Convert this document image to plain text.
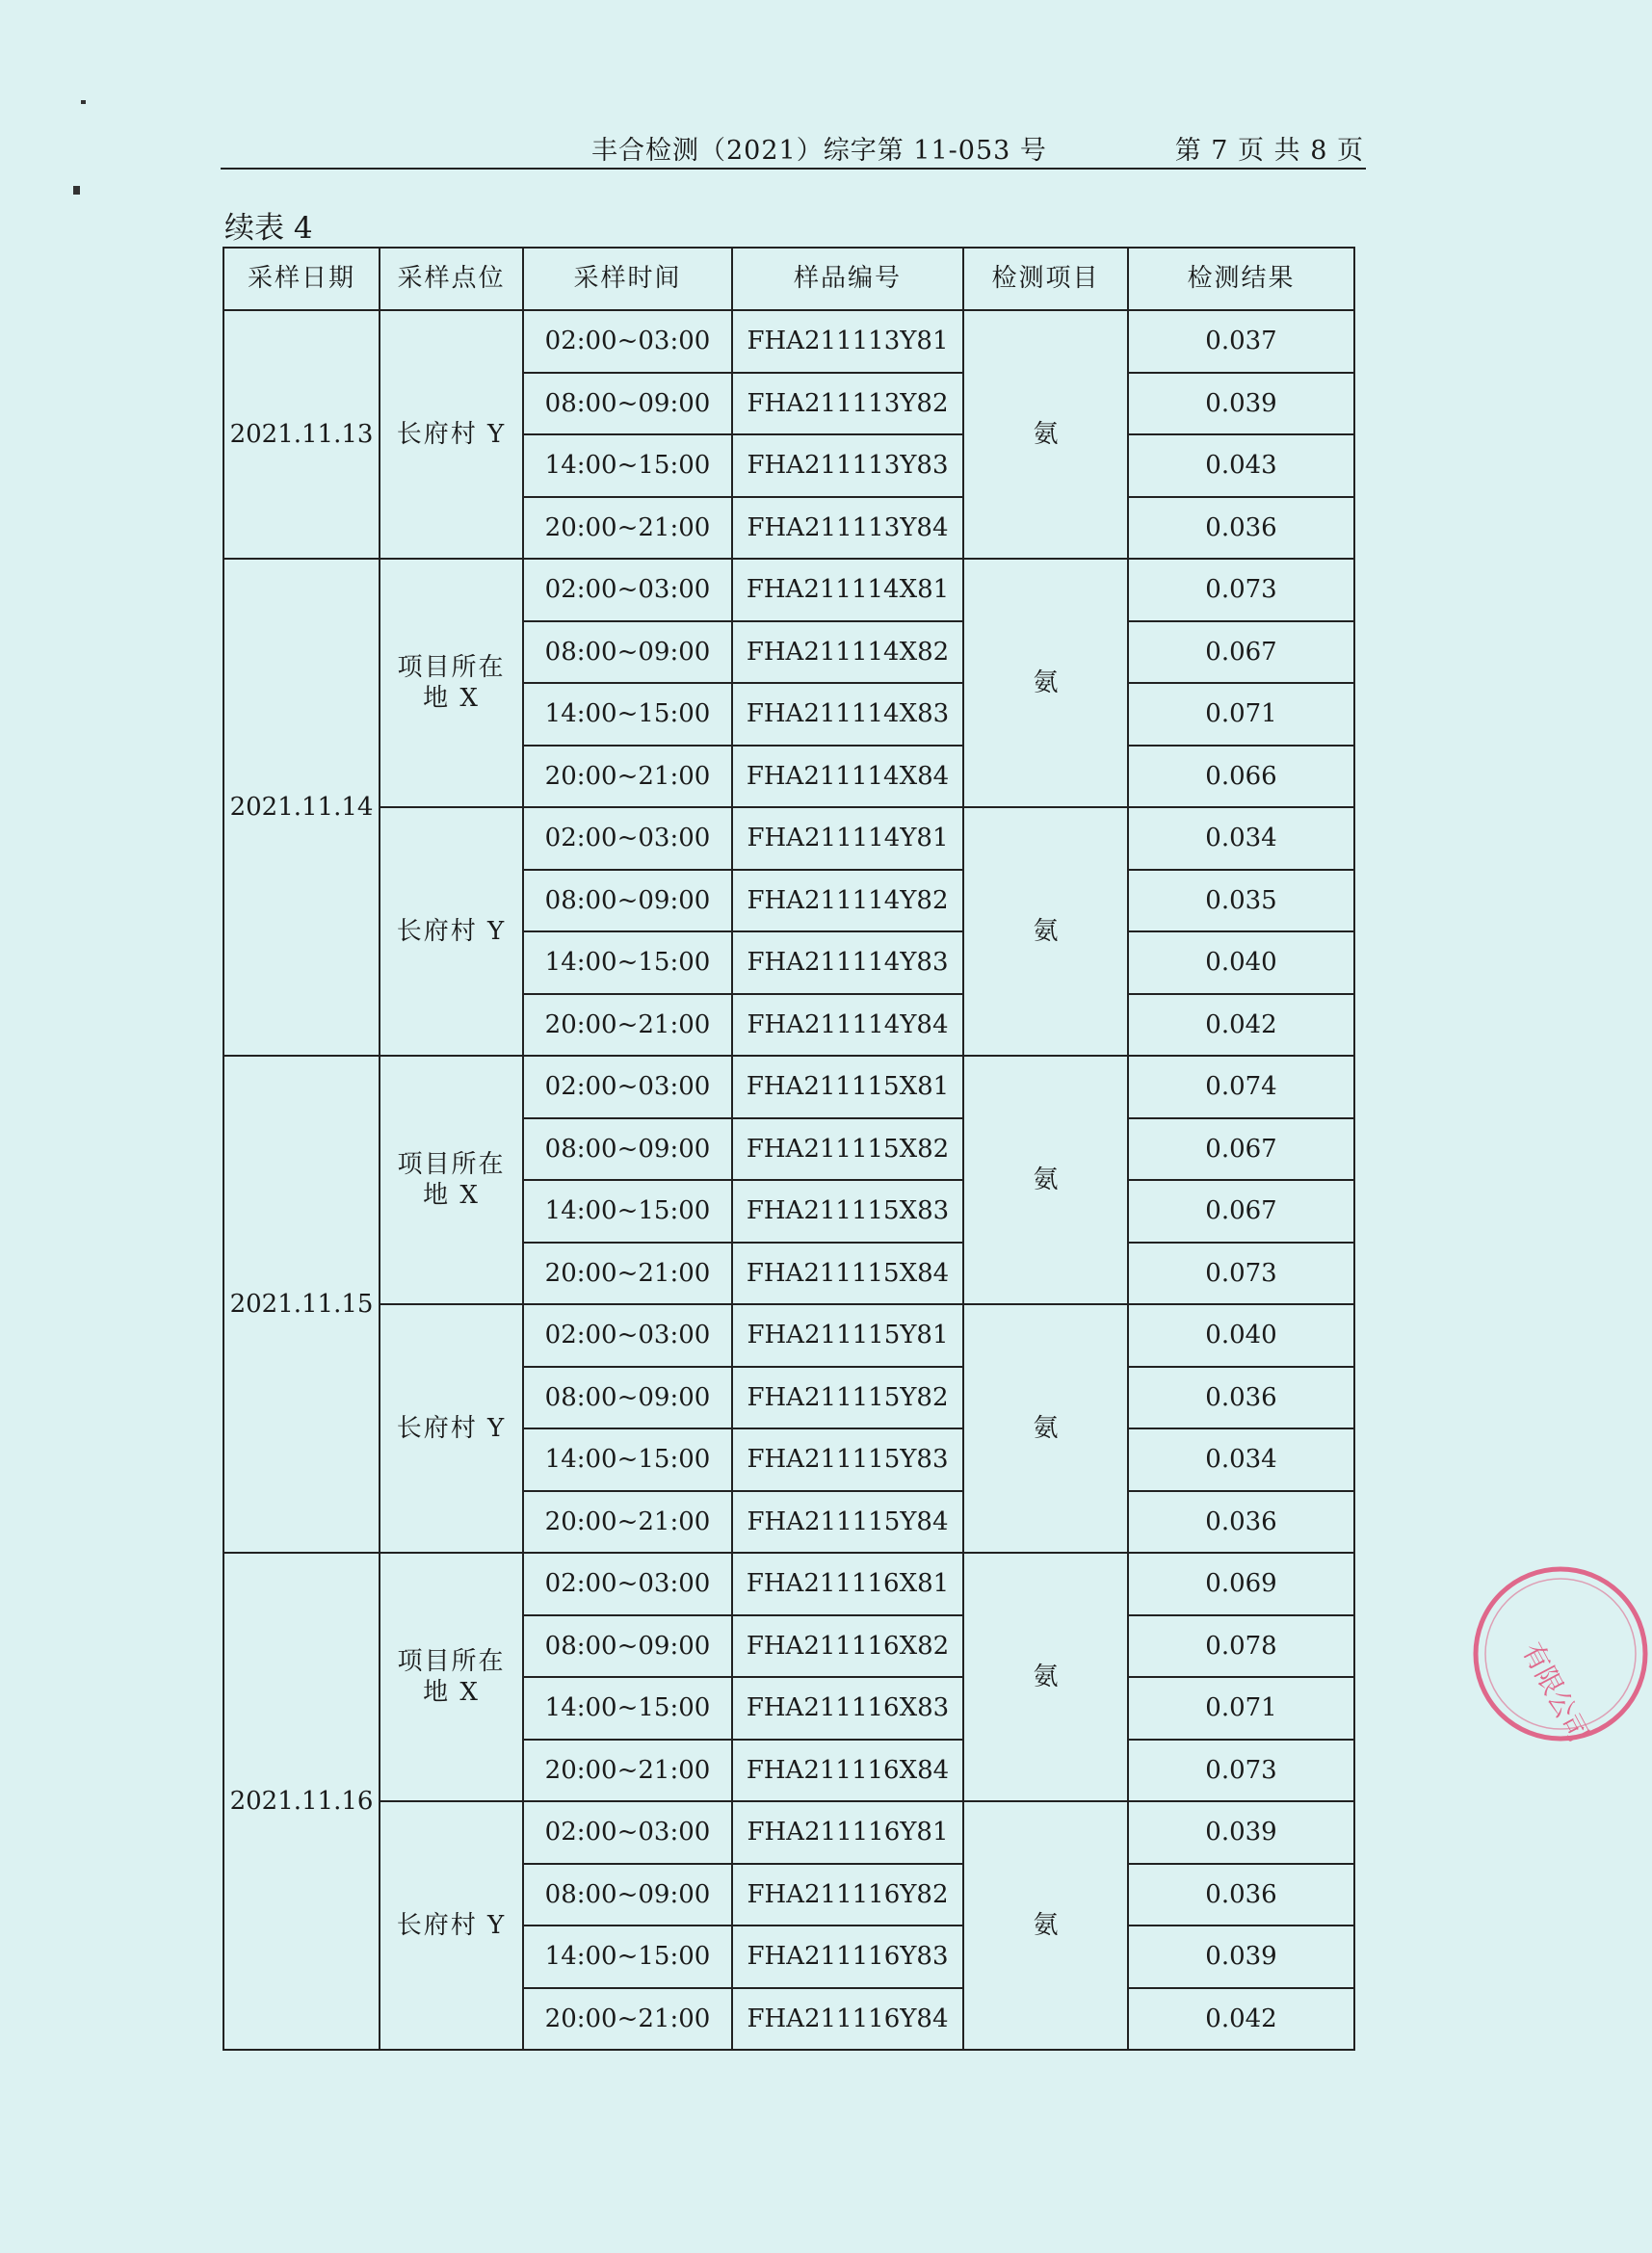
丰合检测（2021）综字第 11-053 号	第 7 页 共 8 页
续表 4
采样日期	采样点位	采样时间	样品编号	检测项目	检测结果
2021.11.13	长府村 Y	02:00~03:00	FHA211113Y81	氨	0.037
		08:00~09:00	FHA211113Y82		0.039
		14:00~15:00	FHA211113Y83		0.043
		20:00~21:00	FHA211113Y84		0.036
2021.11.14	项目所在地 X	02:00~03:00	FHA211114X81	氨	0.073
		08:00~09:00	FHA211114X82		0.067
		14:00~15:00	FHA211114X83		0.071
		20:00~21:00	FHA211114X84		0.066
	长府村 Y	02:00~03:00	FHA211114Y81	氨	0.034
		08:00~09:00	FHA211114Y82		0.035
		14:00~15:00	FHA211114Y83		0.040
		20:00~21:00	FHA211114Y84		0.042
2021.11.15	项目所在地 X	02:00~03:00	FHA211115X81	氨	0.074
		08:00~09:00	FHA211115X82		0.067
		14:00~15:00	FHA211115X83		0.067
		20:00~21:00	FHA211115X84		0.073
	长府村 Y	02:00~03:00	FHA211115Y81	氨	0.040
		08:00~09:00	FHA211115Y82		0.036
		14:00~15:00	FHA211115Y83		0.034
		20:00~21:00	FHA211115Y84		0.036
2021.11.16	项目所在地 X	02:00~03:00	FHA211116X81	氨	0.069
		08:00~09:00	FHA211116X82		0.078
		14:00~15:00	FHA211116X83		0.071
		20:00~21:00	FHA211116X84		0.073
	长府村 Y	02:00~03:00	FHA211116Y81	氨	0.039
		08:00~09:00	FHA211116Y82		0.036
		14:00~15:00	FHA211116Y83		0.039
		20:00~21:00	FHA211116Y84		0.042
有限公司
